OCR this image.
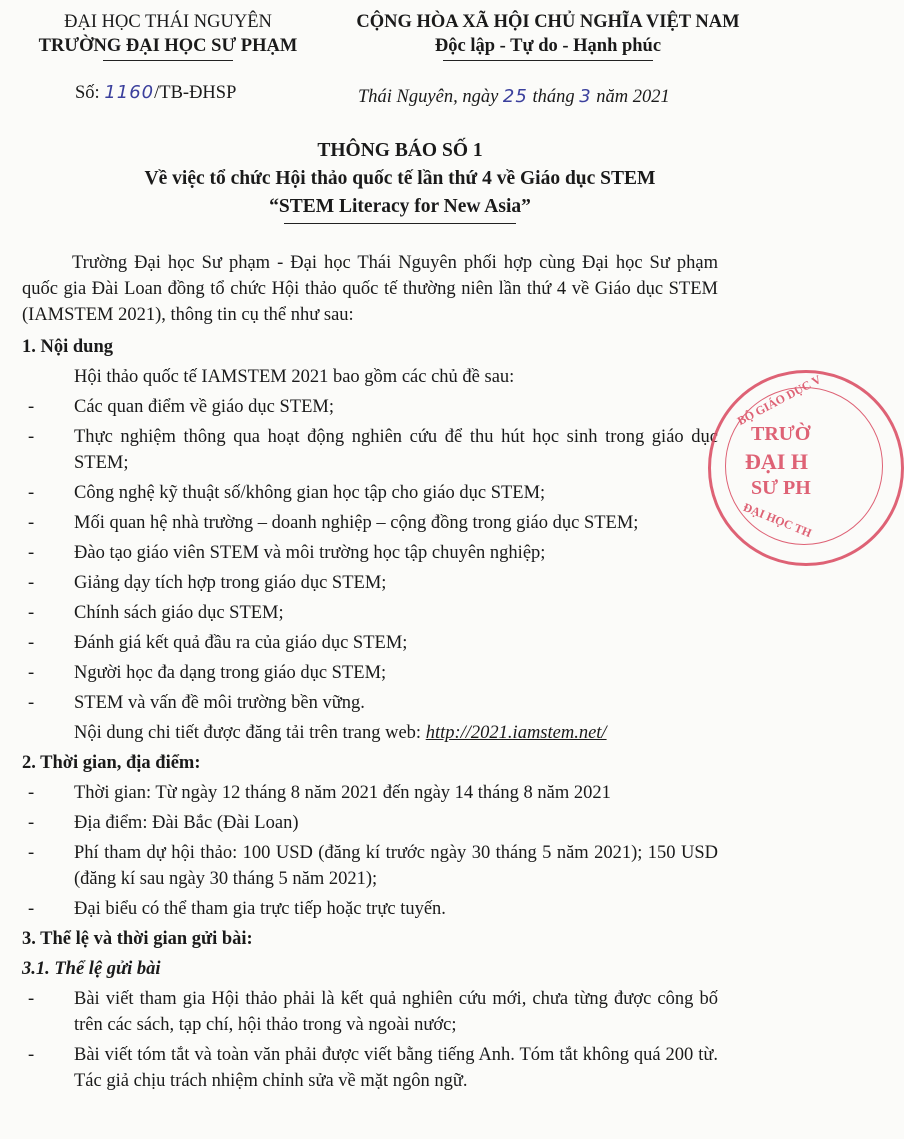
ĐẠI HỌC THÁI NGUYÊN
TRƯỜNG ĐẠI HỌC SƯ PHẠM
CỘNG HÒA XÃ HỘI CHỦ NGHĨA VIỆT NAM
Độc lập - Tự do - Hạnh phúc
Số: 1160/TB-ĐHSP	Thái Nguyên, ngày 25 tháng 3 năm 2021
THÔNG BÁO SỐ 1
Về việc tổ chức Hội thảo quốc tế lần thứ 4 về Giáo dục STEM
“STEM Literacy for New Asia”

Trường Đại học Sư phạm - Đại học Thái Nguyên phối hợp cùng Đại học Sư phạm quốc gia Đài Loan đồng tổ chức Hội thảo quốc tế thường niên lần thứ 4 về Giáo dục STEM (IAMSTEM 2021), thông tin cụ thể như sau:

1. Nội dung
Hội thảo quốc tế IAMSTEM 2021 bao gồm các chủ đề sau:
- Các quan điểm về giáo dục STEM;
- Thực nghiệm thông qua hoạt động nghiên cứu để thu hút học sinh trong giáo dục STEM;
- Công nghệ kỹ thuật số/không gian học tập cho giáo dục STEM;
- Mối quan hệ nhà trường – doanh nghiệp – cộng đồng trong giáo dục STEM;
- Đào tạo giáo viên STEM và môi trường học tập chuyên nghiệp;
- Giảng dạy tích hợp trong giáo dục STEM;
- Chính sách giáo dục STEM;
- Đánh giá kết quả đầu ra của giáo dục STEM;
- Người học đa dạng trong giáo dục STEM;
- STEM và vấn đề môi trường bền vững.
Nội dung chi tiết được đăng tải trên trang web: http://2021.iamstem.net/
2. Thời gian, địa điểm:
- Thời gian: Từ ngày 12 tháng 8 năm 2021 đến ngày 14 tháng 8 năm 2021
- Địa điểm: Đài Bắc (Đài Loan)
- Phí tham dự hội thảo: 100 USD (đăng kí trước ngày 30 tháng 5 năm 2021); 150 USD (đăng kí sau ngày 30 tháng 5 năm 2021);
- Đại biểu có thể tham gia trực tiếp hoặc trực tuyến.
3. Thể lệ và thời gian gửi bài:
3.1. Thể lệ gửi bài
- Bài viết tham gia Hội thảo phải là kết quả nghiên cứu mới, chưa từng được công bố trên các sách, tạp chí, hội thảo trong và ngoài nước;
- Bài viết tóm tắt và toàn văn phải được viết bằng tiếng Anh. Tóm tắt không quá 200 từ. Tác giả chịu trách nhiệm chỉnh sửa về mặt ngôn ngữ.
BỘ GIÁO DỤC V
TRƯỜ
ĐẠI H
SƯ PH
ĐẠI HỌC TH
